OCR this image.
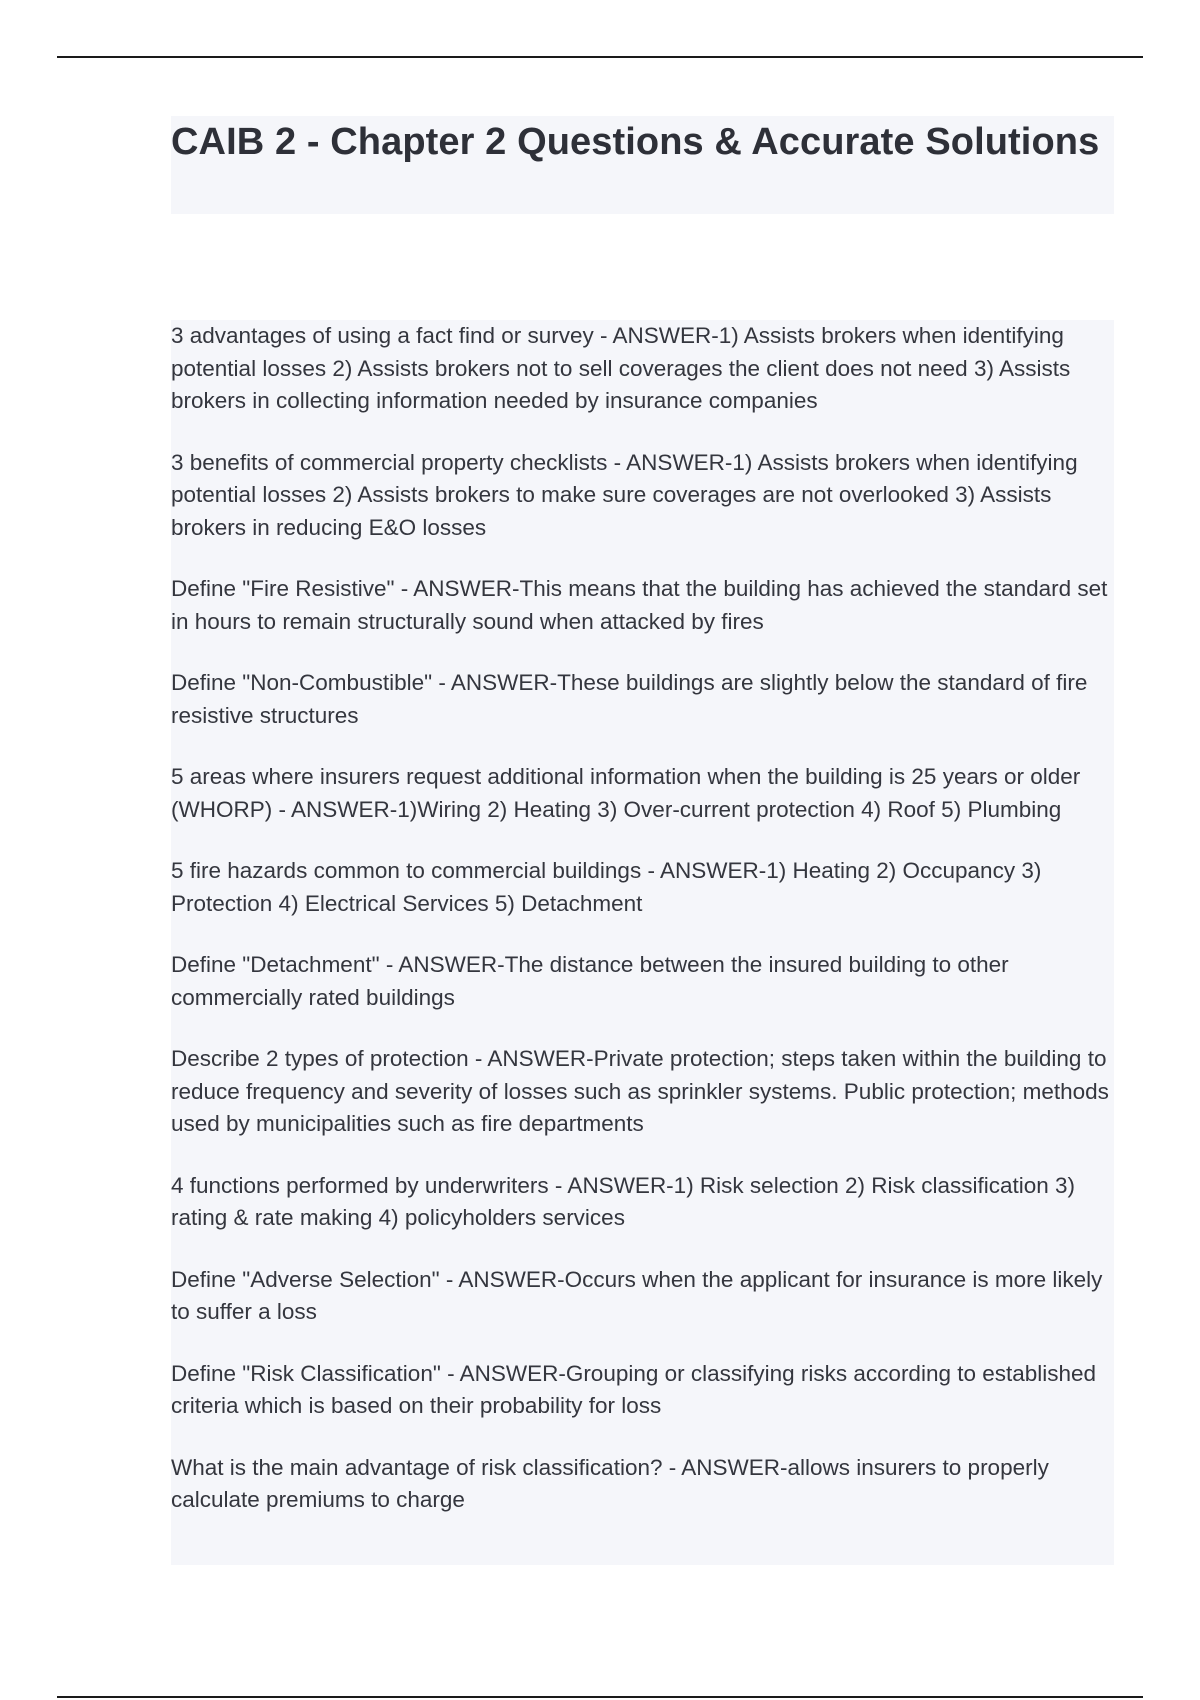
CAIB 2 - Chapter 2 Questions & Accurate Solutions

3 advantages of using a fact find or survey - ANSWER-1) Assists brokers when identifying potential losses 2) Assists brokers not to sell coverages the client does not need 3) Assists brokers in collecting information needed by insurance companies

3 benefits of commercial property checklists - ANSWER-1) Assists brokers when identifying potential losses 2) Assists brokers to make sure coverages are not overlooked 3) Assists brokers in reducing E&O losses

Define "Fire Resistive" - ANSWER-This means that the building has achieved the standard set in hours to remain structurally sound when attacked by fires

Define "Non-Combustible" - ANSWER-These buildings are slightly below the standard of fire resistive structures

5 areas where insurers request additional information when the building is 25 years or older (WHORP) - ANSWER-1)Wiring 2) Heating 3) Over-current protection 4) Roof 5) Plumbing

5 fire hazards common to commercial buildings - ANSWER-1) Heating 2) Occupancy 3) Protection 4) Electrical Services 5) Detachment

Define "Detachment" - ANSWER-The distance between the insured building to other commercially rated buildings

Describe 2 types of protection - ANSWER-Private protection; steps taken within the building to reduce frequency and severity of losses such as sprinkler systems. Public protection; methods used by municipalities such as fire departments

4 functions performed by underwriters - ANSWER-1) Risk selection 2) Risk classification 3) rating & rate making 4) policyholders services

Define "Adverse Selection" - ANSWER-Occurs when the applicant for insurance is more likely to suffer a loss

Define "Risk Classification" - ANSWER-Grouping or classifying risks according to established criteria which is based on their probability for loss

What is the main advantage of risk classification? - ANSWER-allows insurers to properly calculate premiums to charge
